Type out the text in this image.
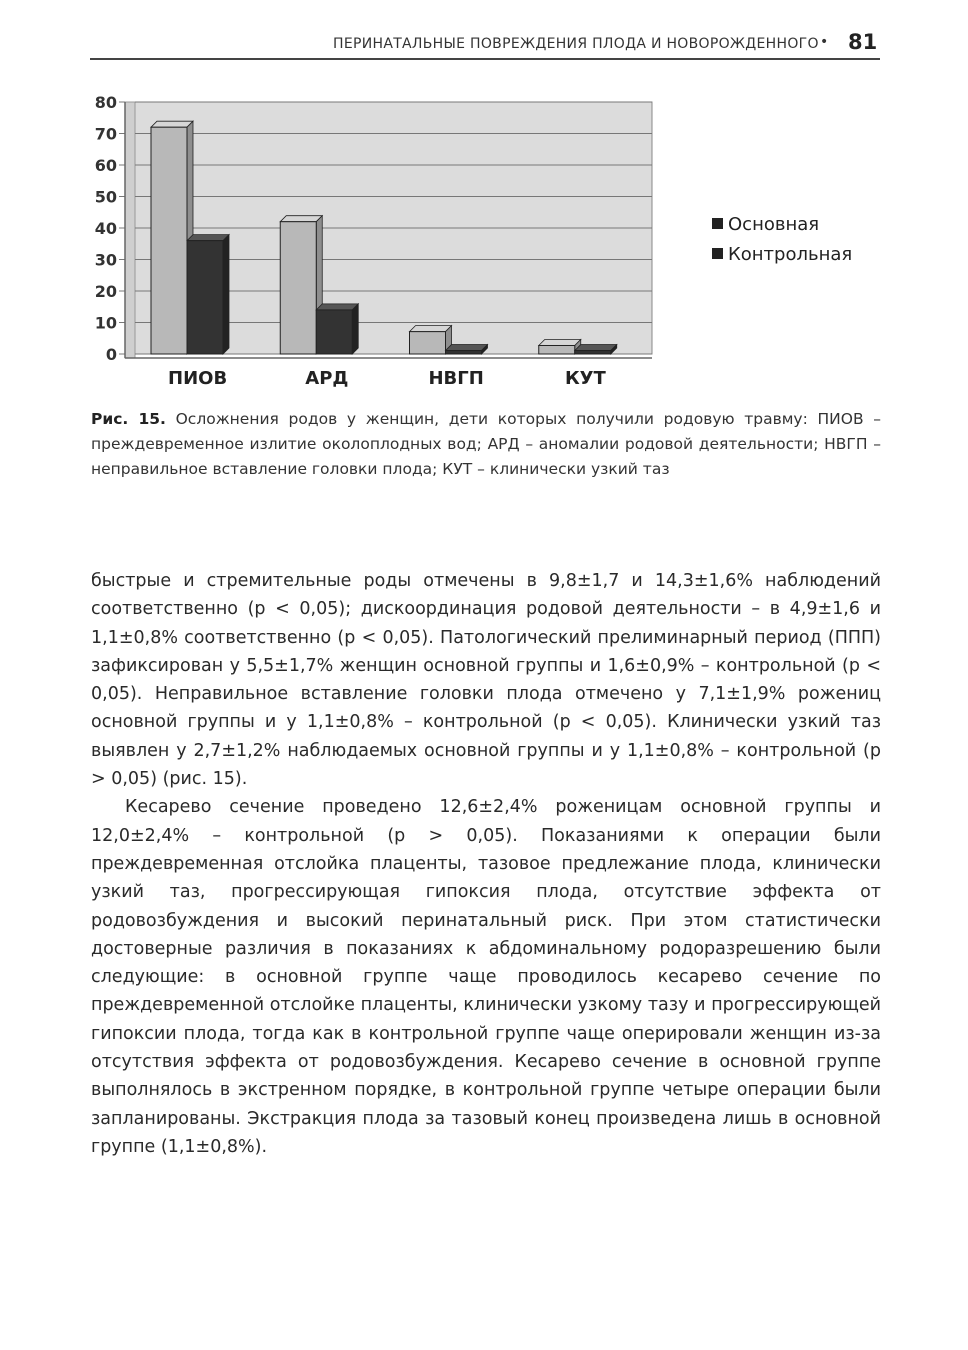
ПЕРИНАТАЛЬНЫЕ ПОВРЕЖДЕНИЯ ПЛОДА И НОВОРОЖДЕННОГО • 81
0
10
20
30
40
50
60
70
80
ПИОВ	АРД	НВГП	КУТ
Основная
Контрольная
Рис. 15. Осложнения родов у женщин, дети которых получили родовую травму: ПИОВ – преждевременное излитие околоплодных вод; АРД – аномалии родовой деятельности; НВГП – неправильное вставление головки плода; КУТ – клинически узкий таз

быстрые и стремительные роды отмечены в 9,8±1,7 и 14,3±1,6% наблюдений соответственно (p < 0,05); дискоординация родовой деятельности – в 4,9±1,6 и 1,1±0,8% соответственно (p < 0,05). Патологический прелиминарный период (ППП) зафиксирован у 5,5±1,7% женщин основной группы и 1,6±0,9% – контрольной (p < 0,05). Неправильное вставление головки плода отмечено у 7,1±1,9% рожениц основной группы и у 1,1±0,8% – контрольной (p < 0,05). Клинически узкий таз выявлен у 2,7±1,2% наблюдаемых основной группы и у 1,1±0,8% – контрольной (p > 0,05) (рис. 15).

Кесарево сечение проведено 12,6±2,4% роженицам основной группы и 12,0±2,4% – контрольной (p > 0,05). Показаниями к операции были преждевременная отслойка плаценты, тазовое предлежание плода, клинически узкий таз, прогрессирующая гипоксия плода, отсутствие эффекта от родовозбуждения и высокий перинатальный риск. При этом статистически достоверные различия в показаниях к абдоминальному родоразрешению были следующие: в основной группе чаще проводилось кесарево сечение по преждевременной отслойке плаценты, клинически узкому тазу и прогрессирующей гипоксии плода, тогда как в контрольной группе чаще оперировали женщин из-за отсутствия эффекта от родовозбуждения. Кесарево сечение в основной группе выполнялось в экстренном порядке, в контрольной группе четыре операции были запланированы. Экстракция плода за тазовый конец произведена лишь в основной группе (1,1±0,8%).
